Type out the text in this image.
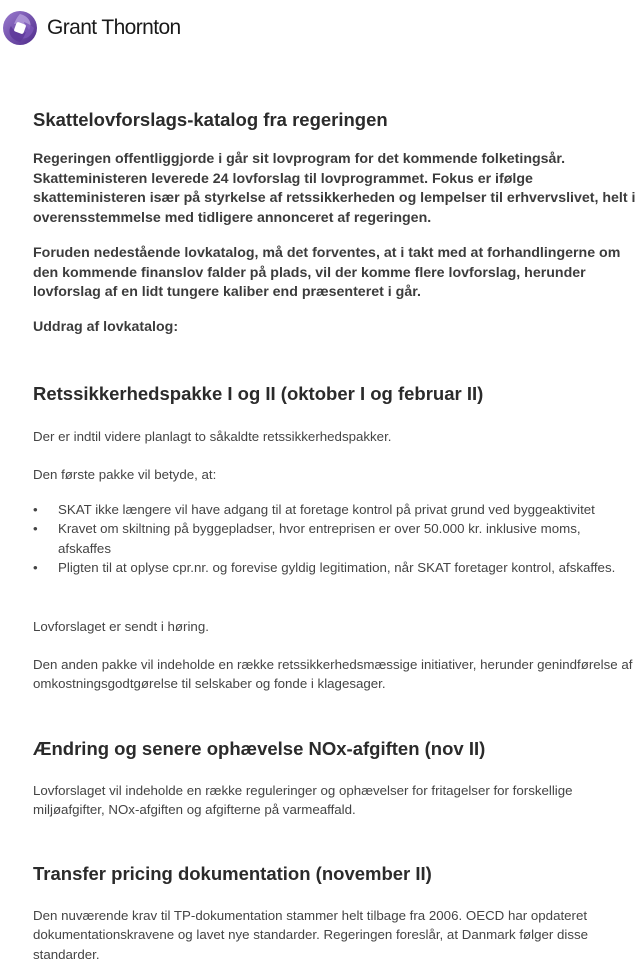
Grant Thornton
Skattelovforslags-katalog fra regeringen

Regeringen offentliggjorde i går sit lovprogram for det kommende folketingsår. Skatteministeren leverede 24 lovforslag til lovprogrammet. Fokus er ifølge skatteministeren især på styrkelse af retssikkerheden og lempelser til erhvervslivet, helt i overensstemmelse med tidligere annonceret af regeringen.

Foruden nedestående lovkatalog, må det forventes, at i takt med at forhandlingerne om den kommende finanslov falder på plads, vil der komme flere lovforslag, herunder lovforslag af en lidt tungere kaliber end præsenteret i går.

Uddrag af lovkatalog:

Retssikkerhedspakke I og II (oktober I og februar II)

Der er indtil videre planlagt to såkaldte retssikkerhedspakker.

Den første pakke vil betyde, at:

• SKAT ikke længere vil have adgang til at foretage kontrol på privat grund ved byggeaktivitet
• Kravet om skiltning på byggepladser, hvor entreprisen er over 50.000 kr. inklusive moms, afskaffes
• Pligten til at oplyse cpr.nr. og forevise gyldig legitimation, når SKAT foretager kontrol, afskaffes.

Lovforslaget er sendt i høring.

Den anden pakke vil indeholde en række retssikkerhedsmæssige initiativer, herunder genindførelse af omkostningsgodtgørelse til selskaber og fonde i klagesager.

Ændring og senere ophævelse NOx-afgiften (nov II)

Lovforslaget vil indeholde en række reguleringer og ophævelser for fritagelser for forskellige miljøafgifter, NOx-afgiften og afgifterne på varmeaffald.

Transfer pricing dokumentation (november II)

Den nuværende krav til TP-dokumentation stammer helt tilbage fra 2006. OECD har opdateret dokumentationskravene og lavet nye standarder. Regeringen foreslår, at Danmark følger disse standarder.
